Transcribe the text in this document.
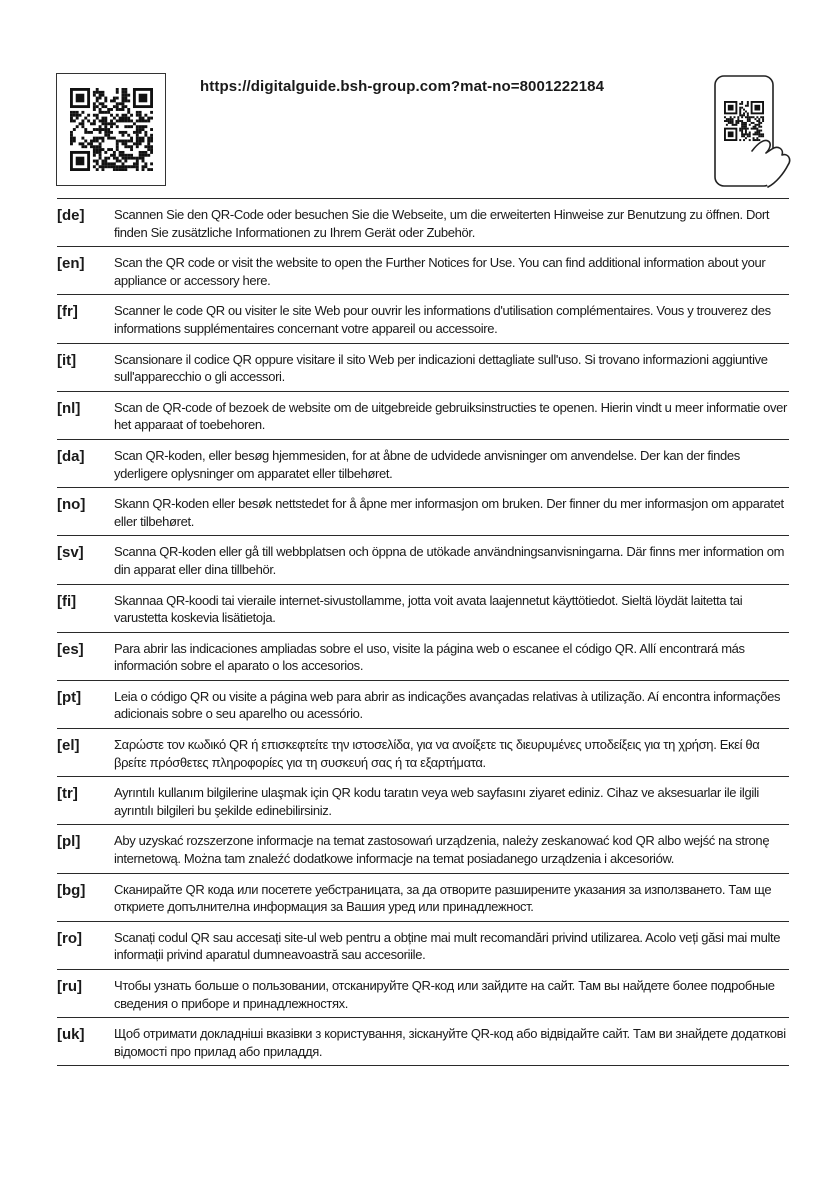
https://digitalguide.bsh-group.com?mat-no=8001222184
[de]	Scannen Sie den QR-Code oder besuchen Sie die Webseite, um die erweiterten Hinweise zur Benutzung zu öffnen. Dort finden Sie zusätzliche Informationen zu Ihrem Gerät oder Zubehör.
[en]	Scan the QR code or visit the website to open the Further Notices for Use. You can find additional information about your appliance or accessory here.
[fr]	Scanner le code QR ou visiter le site Web pour ouvrir les informations d'utilisation complémentaires. Vous y trouverez des informations supplémentaires concernant votre appareil ou accessoire.
[it]	Scansionare il codice QR oppure visitare il sito Web per indicazioni dettagliate sull'uso. Si trovano informazioni aggiuntive sull'apparecchio o gli accessori.
[nl]	Scan de QR-code of bezoek de website om de uitgebreide gebruiksinstructies te openen. Hierin vindt u meer informatie over het apparaat of toebehoren.
[da]	Scan QR-koden, eller besøg hjemmesiden, for at åbne de udvidede anvisninger om anvendelse. Der kan der findes yderligere oplysninger om apparatet eller tilbehøret.
[no]	Skann QR-koden eller besøk nettstedet for å åpne mer informasjon om bruken. Der finner du mer informasjon om apparatet eller tilbehøret.
[sv]	Scanna QR-koden eller gå till webbplatsen och öppna de utökade användningsanvisningarna. Där finns mer information om din apparat eller dina tillbehör.
[fi]	Skannaa QR-koodi tai vieraile internet-sivustollamme, jotta voit avata laajennetut käyttötiedot. Sieltä löydät laitetta tai varustetta koskevia lisätietoja.
[es]	Para abrir las indicaciones ampliadas sobre el uso, visite la página web o escanee el código QR. Allí encontrará más información sobre el aparato o los accesorios.
[pt]	Leia o código QR ou visite a página web para abrir as indicações avançadas relativas à utilização. Aí encontra informações adicionais sobre o seu aparelho ou acessório.
[el]	Σαρώστε τον κωδικό QR ή επισκεφτείτε την ιστοσελίδα, για να ανοίξετε τις διευρυμένες υποδείξεις για τη χρήση. Εκεί θα βρείτε πρόσθετες πληροφορίες για τη συσκευή σας ή τα εξαρτήματα.
[tr]	Ayrıntılı kullanım bilgilerine ulaşmak için QR kodu taratın veya web sayfasını ziyaret ediniz. Cihaz ve aksesuarlar ile ilgili ayrıntılı bilgileri bu şekilde edinebilirsiniz.
[pl]	Aby uzyskać rozszerzone informacje na temat zastosowań urządzenia, należy zeskanować kod QR albo wejść na stronę internetową. Można tam znaleźć dodatkowe informacje na temat posiadanego urządzenia i akcesoriów.
[bg]	Сканирайте QR кода или посетете уебстраницата, за да отворите разширените указания за използването. Там ще откриете допълнителна информация за Вашия уред или принадлежност.
[ro]	Scanați codul QR sau accesați site-ul web pentru a obține mai mult recomandări privind utilizarea. Acolo veți găsi mai multe informații privind aparatul dumneavoastră sau accesoriile.
[ru]	Чтобы узнать больше о пользовании, отсканируйте QR-код или зайдите на сайт. Там вы найдете более подробные сведения о приборе и принадлежностях.
[uk]	Щоб отримати докладніші вказівки з користування, зіскануйте QR-код або відвідайте сайт. Там ви знайдете додаткові відомості про прилад або приладдя.
